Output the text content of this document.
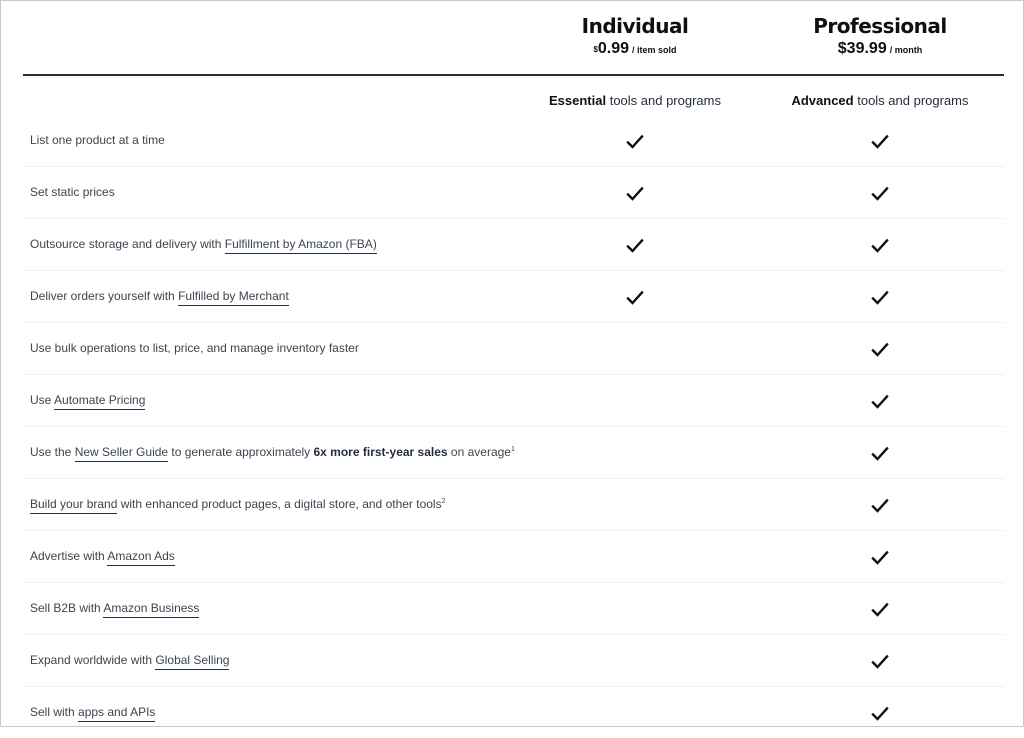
Individual
$0.99 / item sold
Professional
$39.99 / month
Essential tools and programs	Advanced tools and programs
List one product at a time
Set static prices
Outsource storage and delivery with Fulfillment by Amazon (FBA)
Deliver orders yourself with Fulfilled by Merchant
Use bulk operations to list, price, and manage inventory faster
Use Automate Pricing
Use the New Seller Guide to generate approximately 6x more first-year sales on average$^1$
Build your brand with enhanced product pages, a digital store, and other tools$^2$
Advertise with Amazon Ads
Sell B2B with Amazon Business
Expand worldwide with Global Selling
Sell with apps and APIs
